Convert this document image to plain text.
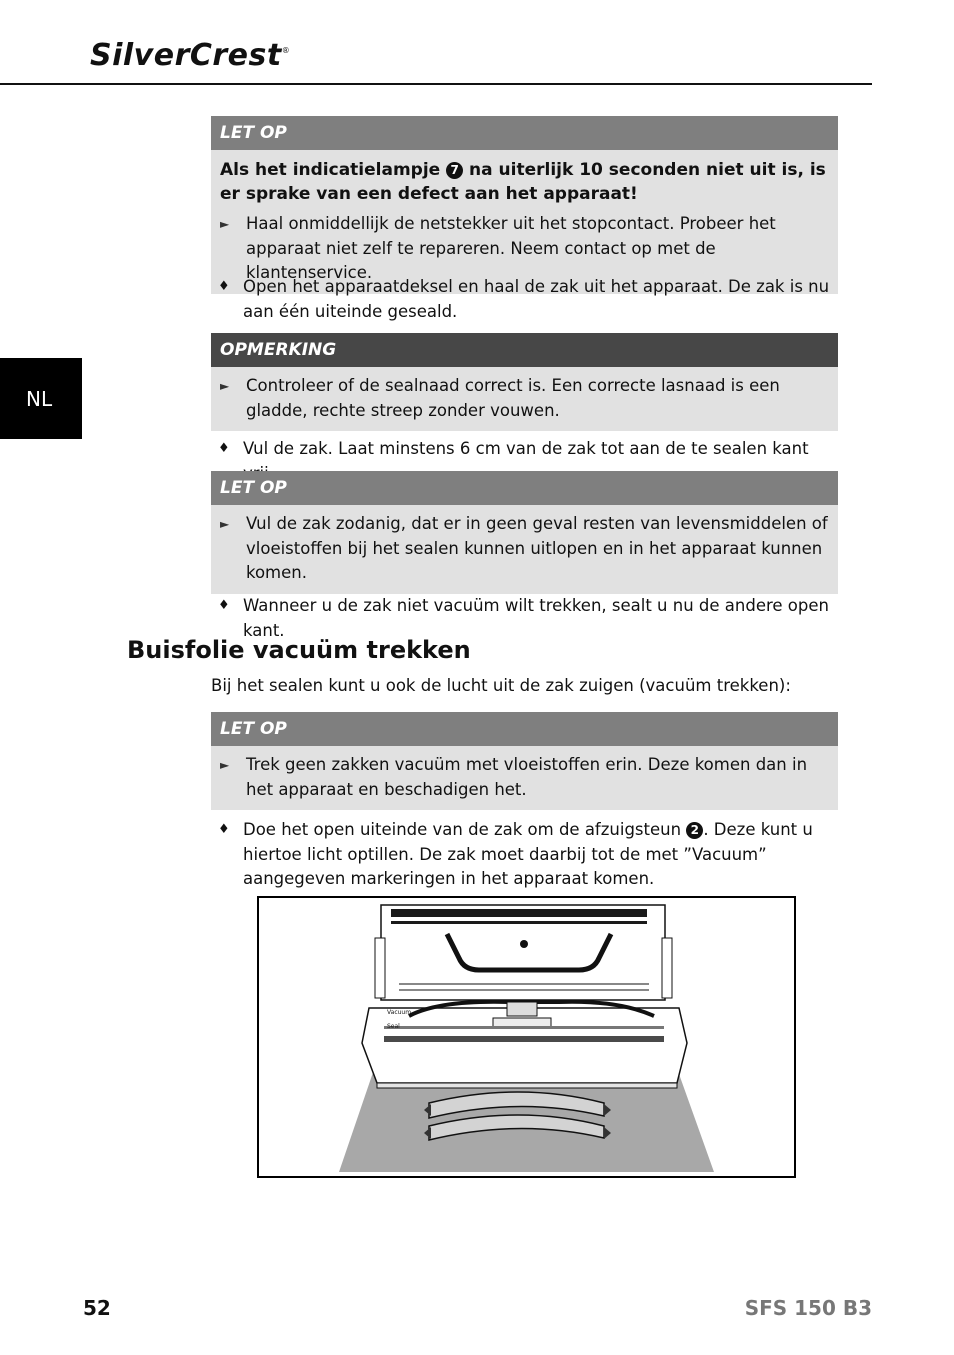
SilverCrest®
NL
LET OP

Als het indicatielampje 7 na uiterlijk 10 seconden niet uit is, is er sprake van een defect aan het apparaat!

►	Haal onmiddellijk de netstekker uit het stopcontact. Probeer het apparaat niet zelf te repareren. Neem contact op met de klantenservice.
♦ Open het apparaatdeksel en haal de zak uit het apparaat. De zak is nu aan één uiteinde geseald.
OPMERKING
►	Controleer of de sealnaad correct is. Een correcte lasnaad is een gladde, rechte streep zonder vouwen.
♦ Vul de zak. Laat minstens 6 cm van de zak tot aan de te sealen kant
LET OP
►	Vul de zak zodanig, dat er in geen geval resten van levensmiddelen of vloeistoffen bij het sealen kunnen uitlopen en in het apparaat kunnen komen.
♦ Wanneer u de zak niet vacuüm wilt trekken, sealt u nu de andere open kant.
Buisfolie vacuüm trekken
Bij het sealen kunt u ook de lucht uit de zak zuigen (vacuüm trekken):
LET OP
►	Trek geen zakken vacuüm met vloeistoffen erin. Deze komen dan in het apparaat en beschadigen het.
♦ Doe het open uiteinde van de zak om de afzuigsteun 2 . Deze kunt u hiertoe licht optillen. De zak moet daarbij tot de met ”Vacuum” aangegeven markeringen in het apparaat komen.
Vacuum
Seal
52	SFS 150 B3
